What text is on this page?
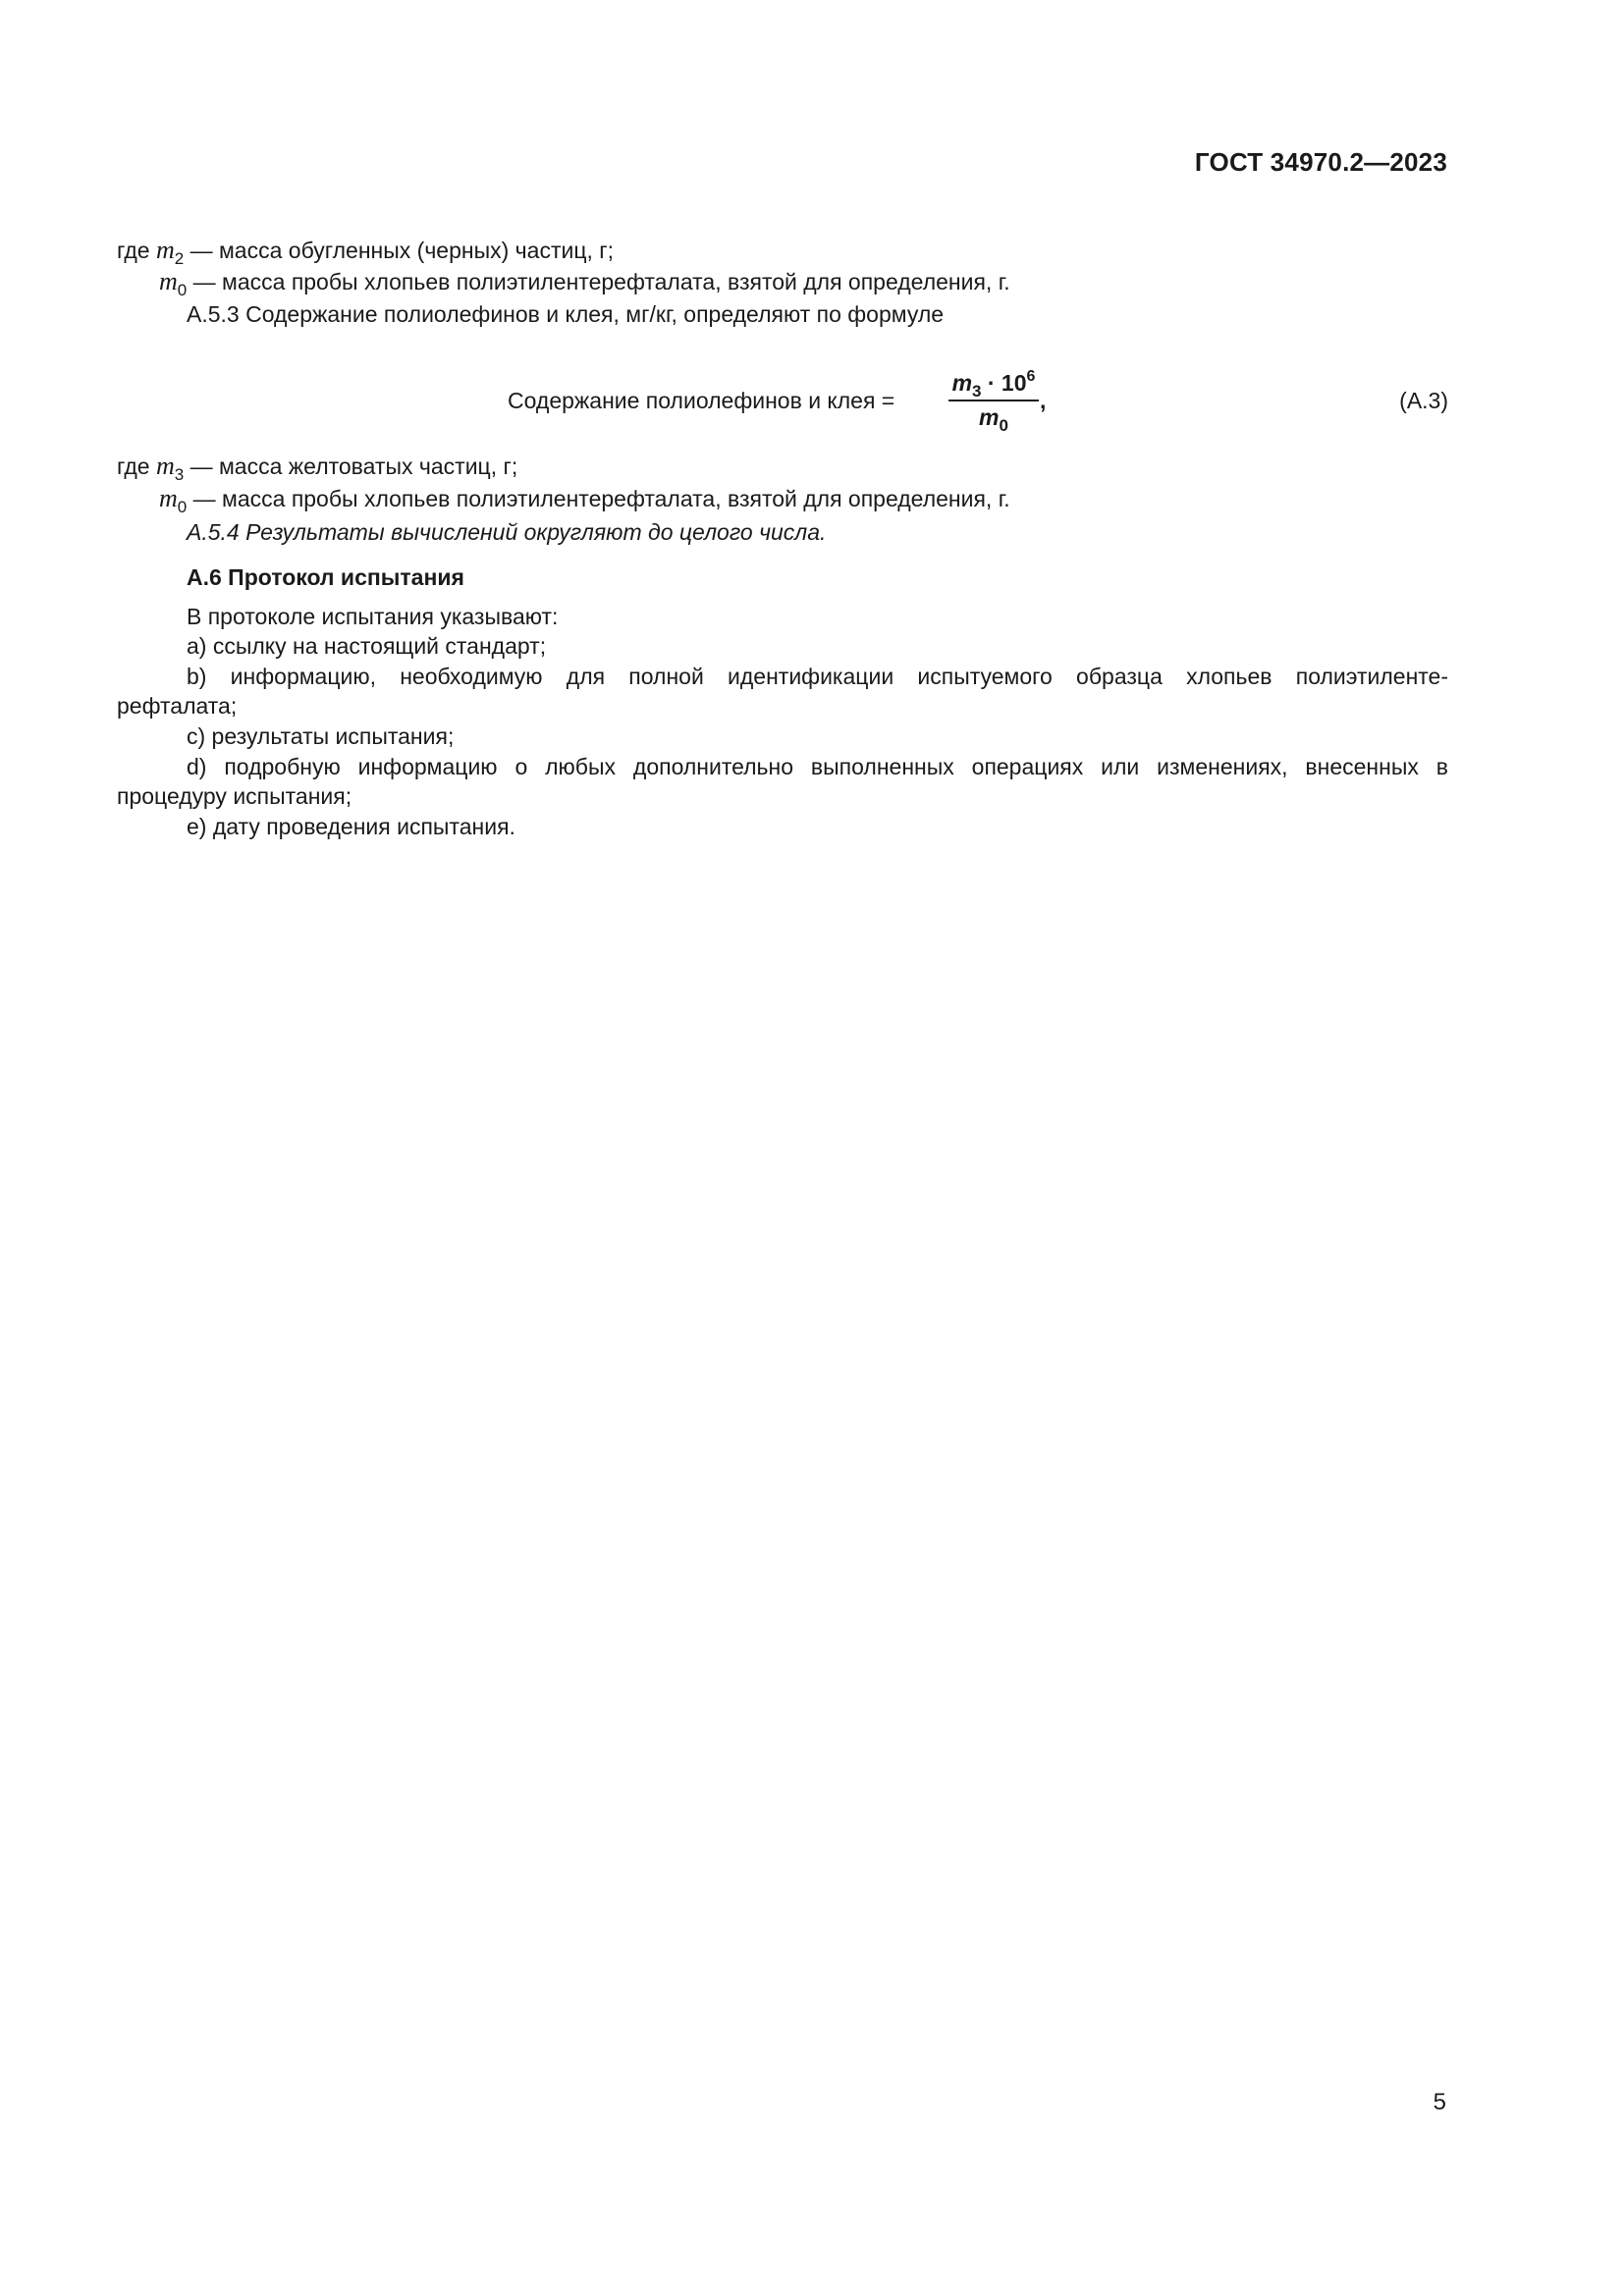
ГОСТ 34970.2—2023
где $m_2$ — масса обугленных (черных) частиц, г;
$m_0$ — масса пробы хлопьев полиэтилентерефталата, взятой для определения, г.
А.5.3 Содержание полиолефинов и клея, мг/кг, определяют по формуле
Содержание полиолефинов и клея =
$m_3 \cdot 10^6$
$m_0$
,	(А.3)
где $m_3$ — масса желтоватых частиц, г;
$m_0$ — масса пробы хлопьев полиэтилентерефталата, взятой для определения, г.
А.5.4 Результаты вычислений округляют до целого числа.
А.6 Протокол испытания
В протоколе испытания указывают:
а) ссылку на настоящий стандарт;
b) информацию, необходимую для полной идентификации испытуемого образца хлопьев полиэтиленте-
рефталата;
c) результаты испытания;
d) подробную информацию о любых дополнительно выполненных операциях или изменениях, внесенных в
процедуру испытания;
е) дату проведения испытания.
5
